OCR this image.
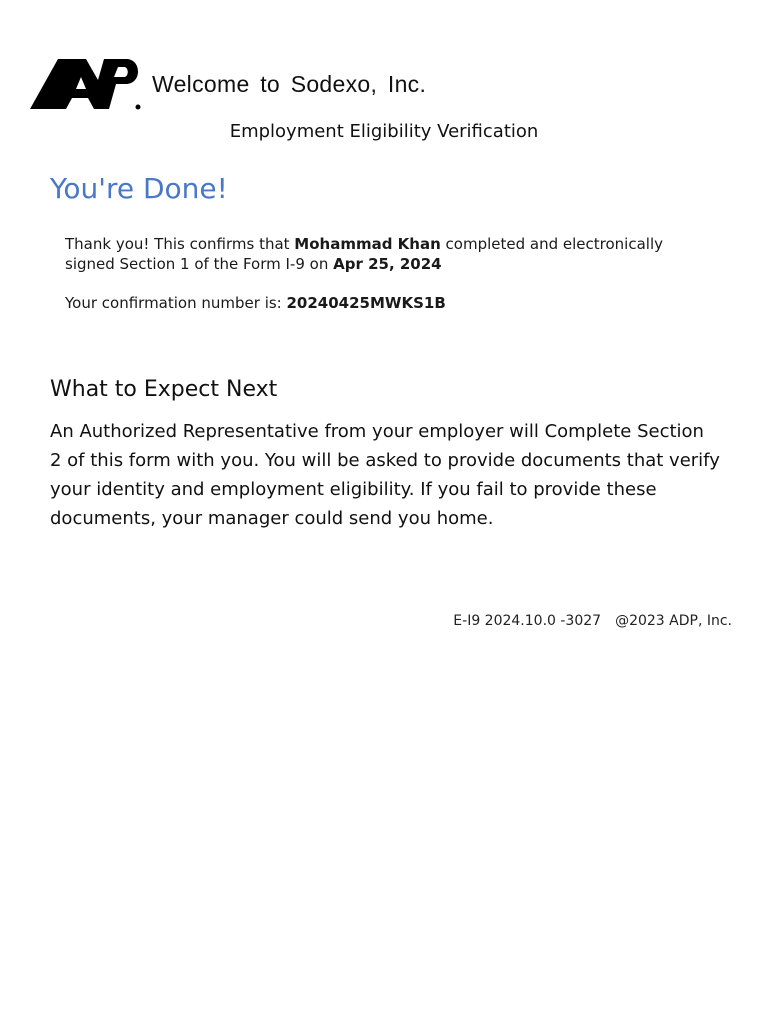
Welcome to Sodexo, Inc.
Employment Eligibility Verification
You're Done!
Thank you! This confirms that Mohammad Khan completed and electronically signed Section 1 of the Form I-9 on Apr 25, 2024
Your confirmation number is: 20240425MWKS1B
What to Expect Next
An Authorized Representative from your employer will Complete Section 2 of this form with you. You will be asked to provide documents that verify your identity and employment eligibility. If you fail to provide these documents, your manager could send you home.
E-I9 2024.10.0 -3027 @2023 ADP, Inc.
